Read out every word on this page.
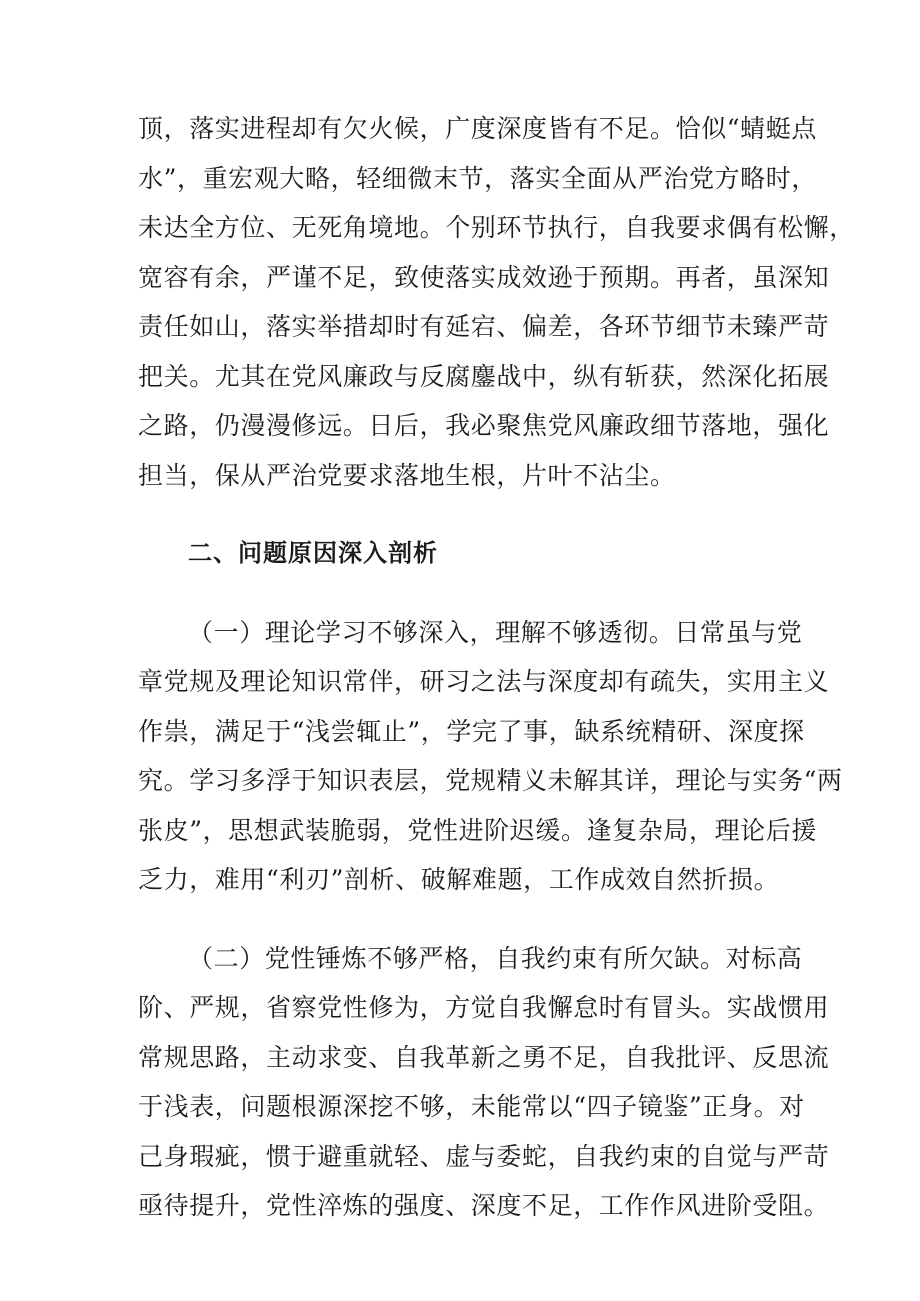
顶，落实进程却有欠火候，广度深度皆有不足。恰似“蜻蜓点
水”，重宏观大略，轻细微末节，落实全面从严治党方略时，
未达全方位、无死角境地。个别环节执行，自我要求偶有松懈，
宽容有余，严谨不足，致使落实成效逊于预期。再者，虽深知
责任如山，落实举措却时有延宕、偏差，各环节细节未臻严苛
把关。尤其在党风廉政与反腐鏖战中，纵有斩获，然深化拓展
之路，仍漫漫修远。日后，我必聚焦党风廉政细节落地，强化
担当，保从严治党要求落地生根，片叶不沾尘。
二、问题原因深入剖析
（一）理论学习不够深入，理解不够透彻。日常虽与党
章党规及理论知识常伴，研习之法与深度却有疏失，实用主义
作祟，满足于“浅尝辄止”，学完了事，缺系统精研、深度探
究。学习多浮于知识表层，党规精义未解其详，理论与实务“两
张皮”，思想武装脆弱，党性进阶迟缓。逢复杂局，理论后援
乏力，难用“利刃”剖析、破解难题，工作成效自然折损。
（二）党性锤炼不够严格，自我约束有所欠缺。对标高
阶、严规，省察党性修为，方觉自我懈怠时有冒头。实战惯用
常规思路，主动求变、自我革新之勇不足，自我批评、反思流
于浅表，问题根源深挖不够，未能常以“四子镜鉴”正身。对
己身瑕疵，惯于避重就轻、虚与委蛇，自我约束的自觉与严苛
亟待提升，党性淬炼的强度、深度不足，工作作风进阶受阻。
